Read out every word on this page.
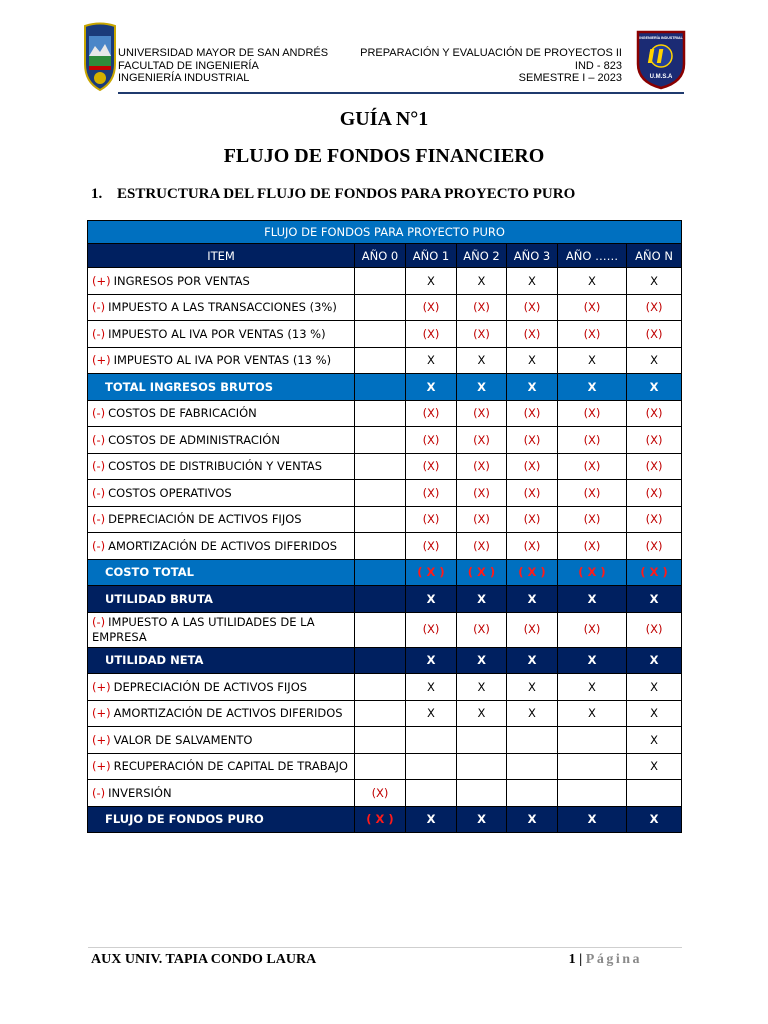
UNIVERSIDAD MAYOR DE SAN ANDRÉS
FACULTAD DE INGENIERÍA
INGENIERÍA INDUSTRIAL
PREPARACIÓN Y EVALUACIÓN DE PROYECTOS II
IND - 823
SEMESTRE I – 2023
INGENIERÍA INDUSTRIAL
U.M.S.A
GUÍA N°1
FLUJO DE FONDOS FINANCIERO
1. ESTRUCTURA DEL FLUJO DE FONDOS PARA PROYECTO PURO
FLUJO DE FONDOS PARA PROYECTO PURO						
ITEM	AÑO 0	AÑO 1	AÑO 2	AÑO 3	AÑO ……	AÑO N
(+) INGRESOS POR VENTAS		X	X	X	X	X
(-) IMPUESTO A LAS TRANSACCIONES (3%)		(X)	(X)	(X)	(X)	(X)
(-) IMPUESTO AL IVA POR VENTAS (13 %)		(X)	(X)	(X)	(X)	(X)
(+) IMPUESTO AL IVA POR VENTAS (13 %)		X	X	X	X	X
TOTAL INGRESOS BRUTOS		X	X	X	X	X
(-) COSTOS DE FABRICACIÓN		(X)	(X)	(X)	(X)	(X)
(-) COSTOS DE ADMINISTRACIÓN		(X)	(X)	(X)	(X)	(X)
(-) COSTOS DE DISTRIBUCIÓN Y VENTAS		(X)	(X)	(X)	(X)	(X)
(-) COSTOS OPERATIVOS		(X)	(X)	(X)	(X)	(X)
(-) DEPRECIACIÓN DE ACTIVOS FIJOS		(X)	(X)	(X)	(X)	(X)
(-) AMORTIZACIÓN DE ACTIVOS DIFERIDOS		(X)	(X)	(X)	(X)	(X)
COSTO TOTAL		( X )	( X )	( X )	( X )	( X )
UTILIDAD BRUTA		X	X	X	X	X
(-) IMPUESTO A LAS UTILIDADES DE LA EMPRESA		(X)	(X)	(X)	(X)	(X)
UTILIDAD NETA		X	X	X	X	X
(+) DEPRECIACIÓN DE ACTIVOS FIJOS		X	X	X	X	X
(+) AMORTIZACIÓN DE ACTIVOS DIFERIDOS		X	X	X	X	X
(+) VALOR DE SALVAMENTO						X
(+) RECUPERACIÓN DE CAPITAL DE TRABAJO						X
(-) INVERSIÓN	(X)					
FLUJO DE FONDOS PURO	( X )	X	X	X	X	X
AUX UNIV. TAPIA CONDO LAURA	1 | Página
